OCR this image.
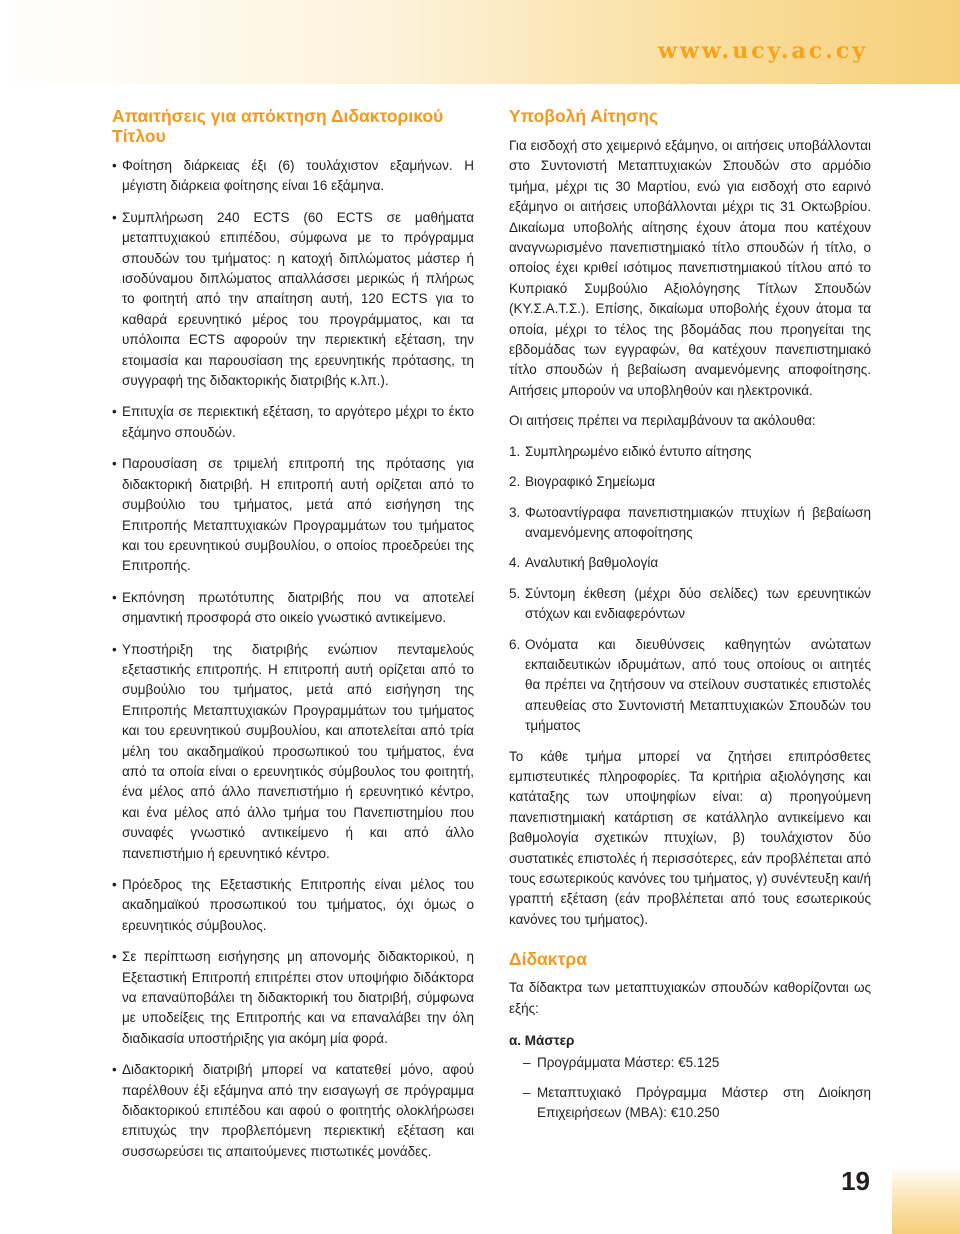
www.ucy.ac.cy
Απαιτήσεις για απόκτηση Διδακτορικού Τίτλου
• Φοίτηση διάρκειας έξι (6) τουλάχιστον εξαμήνων. Η μέγιστη διάρκεια φοίτησης είναι 16 εξάμηνα.
• Συμπλήρωση 240 ECTS (60 ECTS σε μαθήματα μεταπτυχιακού επιπέδου, σύμφωνα με το πρόγραμμα σπουδών του τμήματος: η κατοχή διπλώματος μάστερ ή ισοδύναμου διπλώματος απαλλάσσει μερικώς ή πλήρως το φοιτητή από την απαίτηση αυτή, 120 ECTS για το καθαρά ερευνητικό μέρος του προγράμματος, και τα υπόλοιπα ECTS αφορούν την περιεκτική εξέταση, την ετοιμασία και παρουσίαση της ερευνητικής πρότασης, τη συγγραφή της διδακτορικής διατριβής κ.λπ.).
• Επιτυχία σε περιεκτική εξέταση, το αργότερο μέχρι το έκτο εξάμηνο σπουδών.
• Παρουσίαση σε τριμελή επιτροπή της πρότασης για διδακτορική διατριβή. Η επιτροπή αυτή ορίζεται από το συμβούλιο του τμήματος, μετά από εισήγηση της Επιτροπής Μεταπτυχιακών Προγραμμάτων του τμήματος και του ερευνητικού συμβουλίου, ο οποίος προεδρεύει της Επιτροπής.
• Εκπόνηση πρωτότυπης διατριβής που να αποτελεί σημαντική προσφορά στο οικείο γνωστικό αντικείμενο.
• Υποστήριξη της διατριβής ενώπιον πενταμελούς εξεταστικής επιτροπής. Η επιτροπή αυτή ορίζεται από το συμβούλιο του τμήματος, μετά από εισήγηση της Επιτροπής Μεταπτυχιακών Προγραμμάτων του τμήματος και του ερευνητικού συμβουλίου, και αποτελείται από τρία μέλη του ακαδημαϊκού προσωπικού του τμήματος, ένα από τα οποία είναι ο ερευνητικός σύμβουλος του φοιτητή, ένα μέλος από άλλο πανεπιστήμιο ή ερευνητικό κέντρο, και ένα μέλος από άλλο τμήμα του Πανεπιστημίου που συναφές γνωστικό αντικείμενο ή και από άλλο πανεπιστήμιο ή ερευνητικό κέντρο.
• Πρόεδρος της Εξεταστικής Επιτροπής είναι μέλος του ακαδημαϊκού προσωπικού του τμήματος, όχι όμως ο ερευνητικός σύμβουλος.
• Σε περίπτωση εισήγησης μη απονομής διδακτορικού, η Εξεταστική Επιτροπή επιτρέπει στον υποψήφιο διδάκτορα να επαναϋποβάλει τη διδακτορική του διατριβή, σύμφωνα με υποδείξεις της Επιτροπής και να επαναλάβει την όλη διαδικασία υποστήριξης για ακόμη μία φορά.
• Διδακτορική διατριβή μπορεί να κατατεθεί μόνο, αφού παρέλθουν έξι εξάμηνα από την εισαγωγή σε πρόγραμμα διδακτορικού επιπέδου και αφού ο φοιτητής ολοκλήρωσει επιτυχώς την προβλεπόμενη περιεκτική εξέταση και συσσωρεύσει τις απαιτούμενες πιστωτικές μονάδες.
Υποβολή Αίτησης

Για εισδοχή στο χειμερινό εξάμηνο, οι αιτήσεις υποβάλλονται στο Συντονιστή Μεταπτυχιακών Σπουδών στο αρμόδιο τμήμα, μέχρι τις 30 Μαρτίου, ενώ για εισδοχή στο εαρινό εξάμηνο οι αιτήσεις υποβάλλονται μέχρι τις 31 Οκτωβρίου. Δικαίωμα υποβολής αίτησης έχουν άτομα που κατέχουν αναγνωρισμένο πανεπιστημιακό τίτλο σπουδών ή τίτλο, ο οποίος έχει κριθεί ισότιμος πανεπιστημιακού τίτλου από το Κυπριακό Συμβούλιο Αξιολόγησης Τίτλων Σπουδών (ΚΥ.Σ.Α.Τ.Σ.). Επίσης, δικαίωμα υποβολής έχουν άτομα τα οποία, μέχρι το τέλος της βδομάδας που προηγείται της εβδομάδας των εγγραφών, θα κατέχουν πανεπιστημιακό τίτλο σπουδών ή βεβαίωση αναμενόμενης αποφοίτησης. Αιτήσεις μπορούν να υποβληθούν και ηλεκτρονικά.

Οι αιτήσεις πρέπει να περιλαμβάνουν τα ακόλουθα:

1. Συμπληρωμένο ειδικό έντυπο αίτησης
2. Βιογραφικό Σημείωμα
3. Φωτοαντίγραφα πανεπιστημιακών πτυχίων ή βεβαίωση αναμενόμενης αποφοίτησης
4. Αναλυτική βαθμολογία
5. Σύντομη έκθεση (μέχρι δύο σελίδες) των ερευνητικών στόχων και ενδιαφερόντων
6. Ονόματα και διευθύνσεις καθηγητών ανώτατων εκπαιδευτικών ιδρυμάτων, από τους οποίους οι αιτητές θα πρέπει να ζητήσουν να στείλουν συστατικές επιστολές απευθείας στο Συντονιστή Μεταπτυχιακών Σπουδών του τμήματος

Το κάθε τμήμα μπορεί να ζητήσει επιπρόσθετες εμπιστευτικές πληροφορίες. Τα κριτήρια αξιολόγησης και κατάταξης των υποψηφίων είναι: α) προηγούμενη πανεπιστημιακή κατάρτιση σε κατάλληλο αντικείμενο και βαθμολογία σχετικών πτυχίων, β) τουλάχιστον δύο συστατικές επιστολές ή περισσότερες, εάν προβλέπεται από τους εσωτερικούς κανόνες του τμήματος, γ) συνέντευξη και/ή γραπτή εξέταση (εάν προβλέπεται από τους εσωτερικούς κανόνες του τμήματος).

Δίδακτρα

Τα δίδακτρα των μεταπτυχιακών σπουδών καθορίζονται ως εξής:

α. Μάστερ
– Προγράμματα Μάστερ: €5.125
– Μεταπτυχιακό Πρόγραμμα Μάστερ στη Διοίκηση Επιχειρήσεων (MBA): €10.250
19
